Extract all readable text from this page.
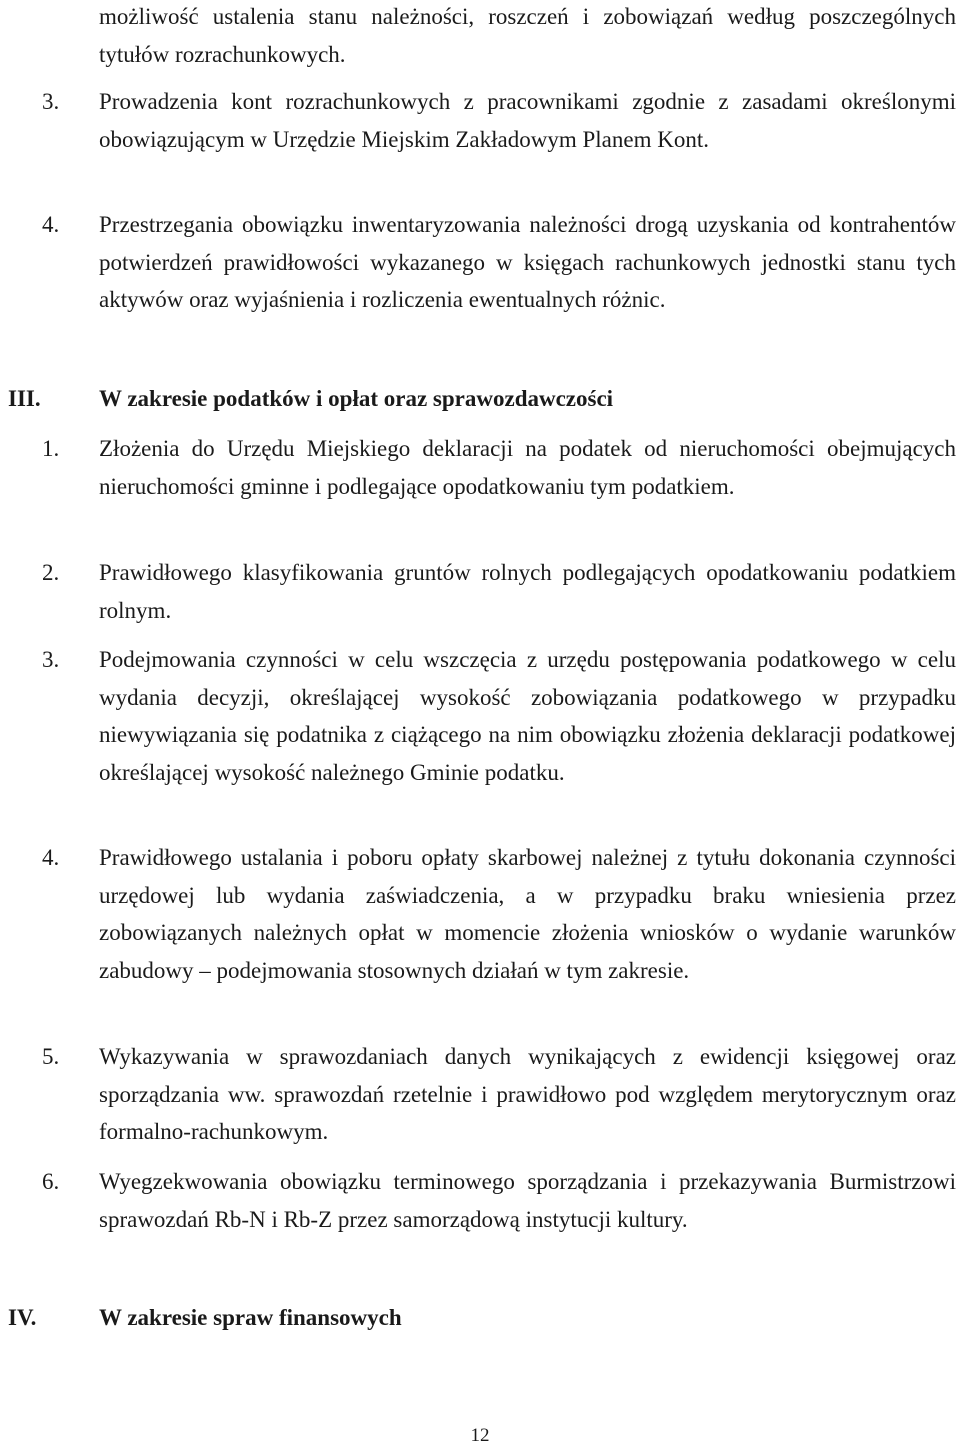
możliwość ustalenia stanu należności, roszczeń i zobowiązań według poszczególnych tytułów rozrachunkowych.
3. Prowadzenia kont rozrachunkowych z pracownikami zgodnie z zasadami określonymi obowiązującym w Urzędzie Miejskim Zakładowym Planem Kont.
4. Przestrzegania obowiązku inwentaryzowania należności drogą uzyskania od kontrahentów potwierdzeń prawidłowości wykazanego w księgach rachunkowych jednostki stanu tych aktywów oraz wyjaśnienia i rozliczenia ewentualnych różnic.
III.	W zakresie podatków i opłat oraz sprawozdawczości
1. Złożenia do Urzędu Miejskiego deklaracji na podatek od nieruchomości obejmujących nieruchomości gminne i podlegające opodatkowaniu tym podatkiem.
2. Prawidłowego klasyfikowania gruntów rolnych podlegających opodatkowaniu podatkiem rolnym.
3. Podejmowania czynności w celu wszczęcia z urzędu postępowania podatkowego w celu wydania decyzji, określającej wysokość zobowiązania podatkowego w przypadku niewywiązania się podatnika z ciążącego na nim obowiązku złożenia deklaracji podatkowej określającej wysokość należnego Gminie podatku.
4. Prawidłowego ustalania i poboru opłaty skarbowej należnej z tytułu dokonania czynności urzędowej lub wydania zaświadczenia, a w przypadku braku wniesienia przez zobowiązanych należnych opłat w momencie złożenia wniosków o wydanie warunków zabudowy – podejmowania stosownych działań w tym zakresie.
5. Wykazywania w sprawozdaniach danych wynikających z ewidencji księgowej oraz sporządzania ww. sprawozdań rzetelnie i prawidłowo pod względem merytorycznym oraz formalno-rachunkowym.
6. Wyegzekwowania obowiązku terminowego sporządzania i przekazywania Burmistrzowi sprawozdań Rb-N i Rb-Z przez samorządową instytucji kultury.
IV.	W zakresie spraw finansowych
12
